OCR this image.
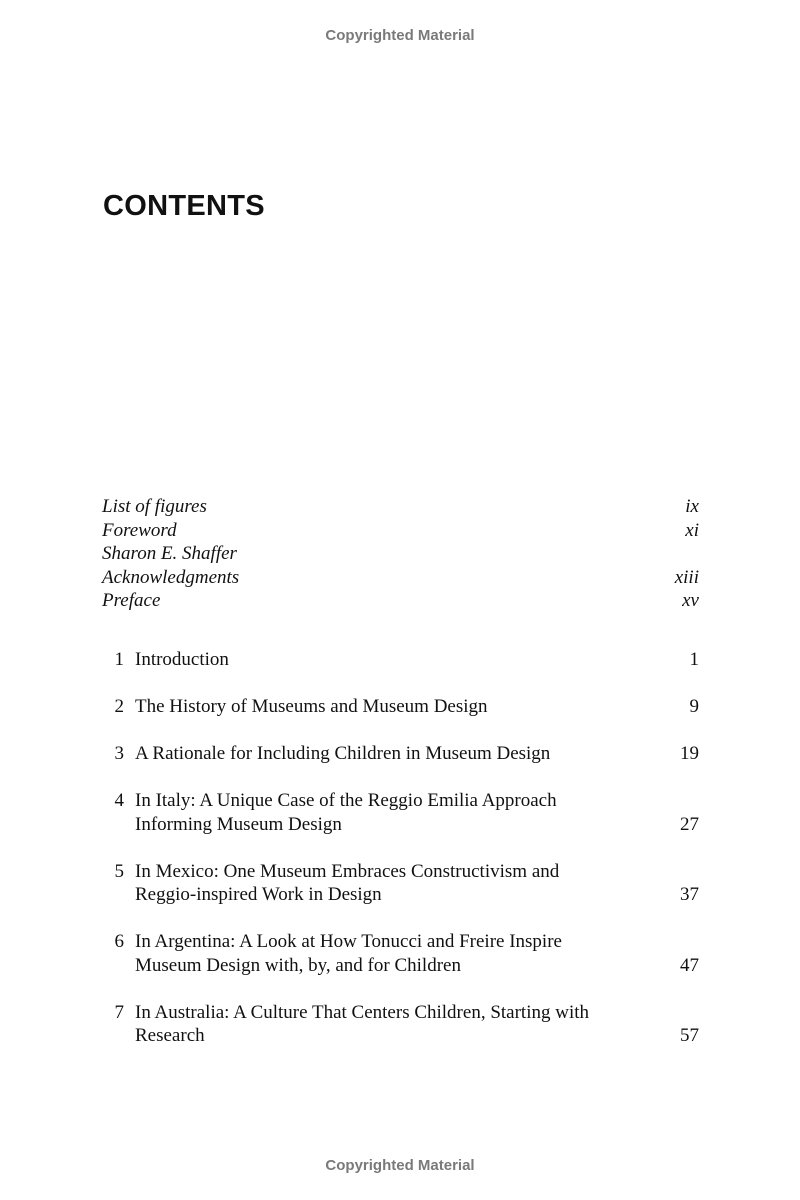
Copyrighted Material
CONTENTS
List of figures	ix
Foreword	xi
Sharon E. Shaffer
Acknowledgments	xiii
Preface	xv
1 Introduction	1
2 The History of Museums and Museum Design	9
3 A Rationale for Including Children in Museum Design	19
4 In Italy: A Unique Case of the Reggio Emilia Approach
Informing Museum Design	27
5 In Mexico: One Museum Embraces Constructivism and
Reggio-inspired Work in Design	37
6 In Argentina: A Look at How Tonucci and Freire Inspire
Museum Design with, by, and for Children	47
7 In Australia: A Culture That Centers Children, Starting with
Research	57
Copyrighted Material
